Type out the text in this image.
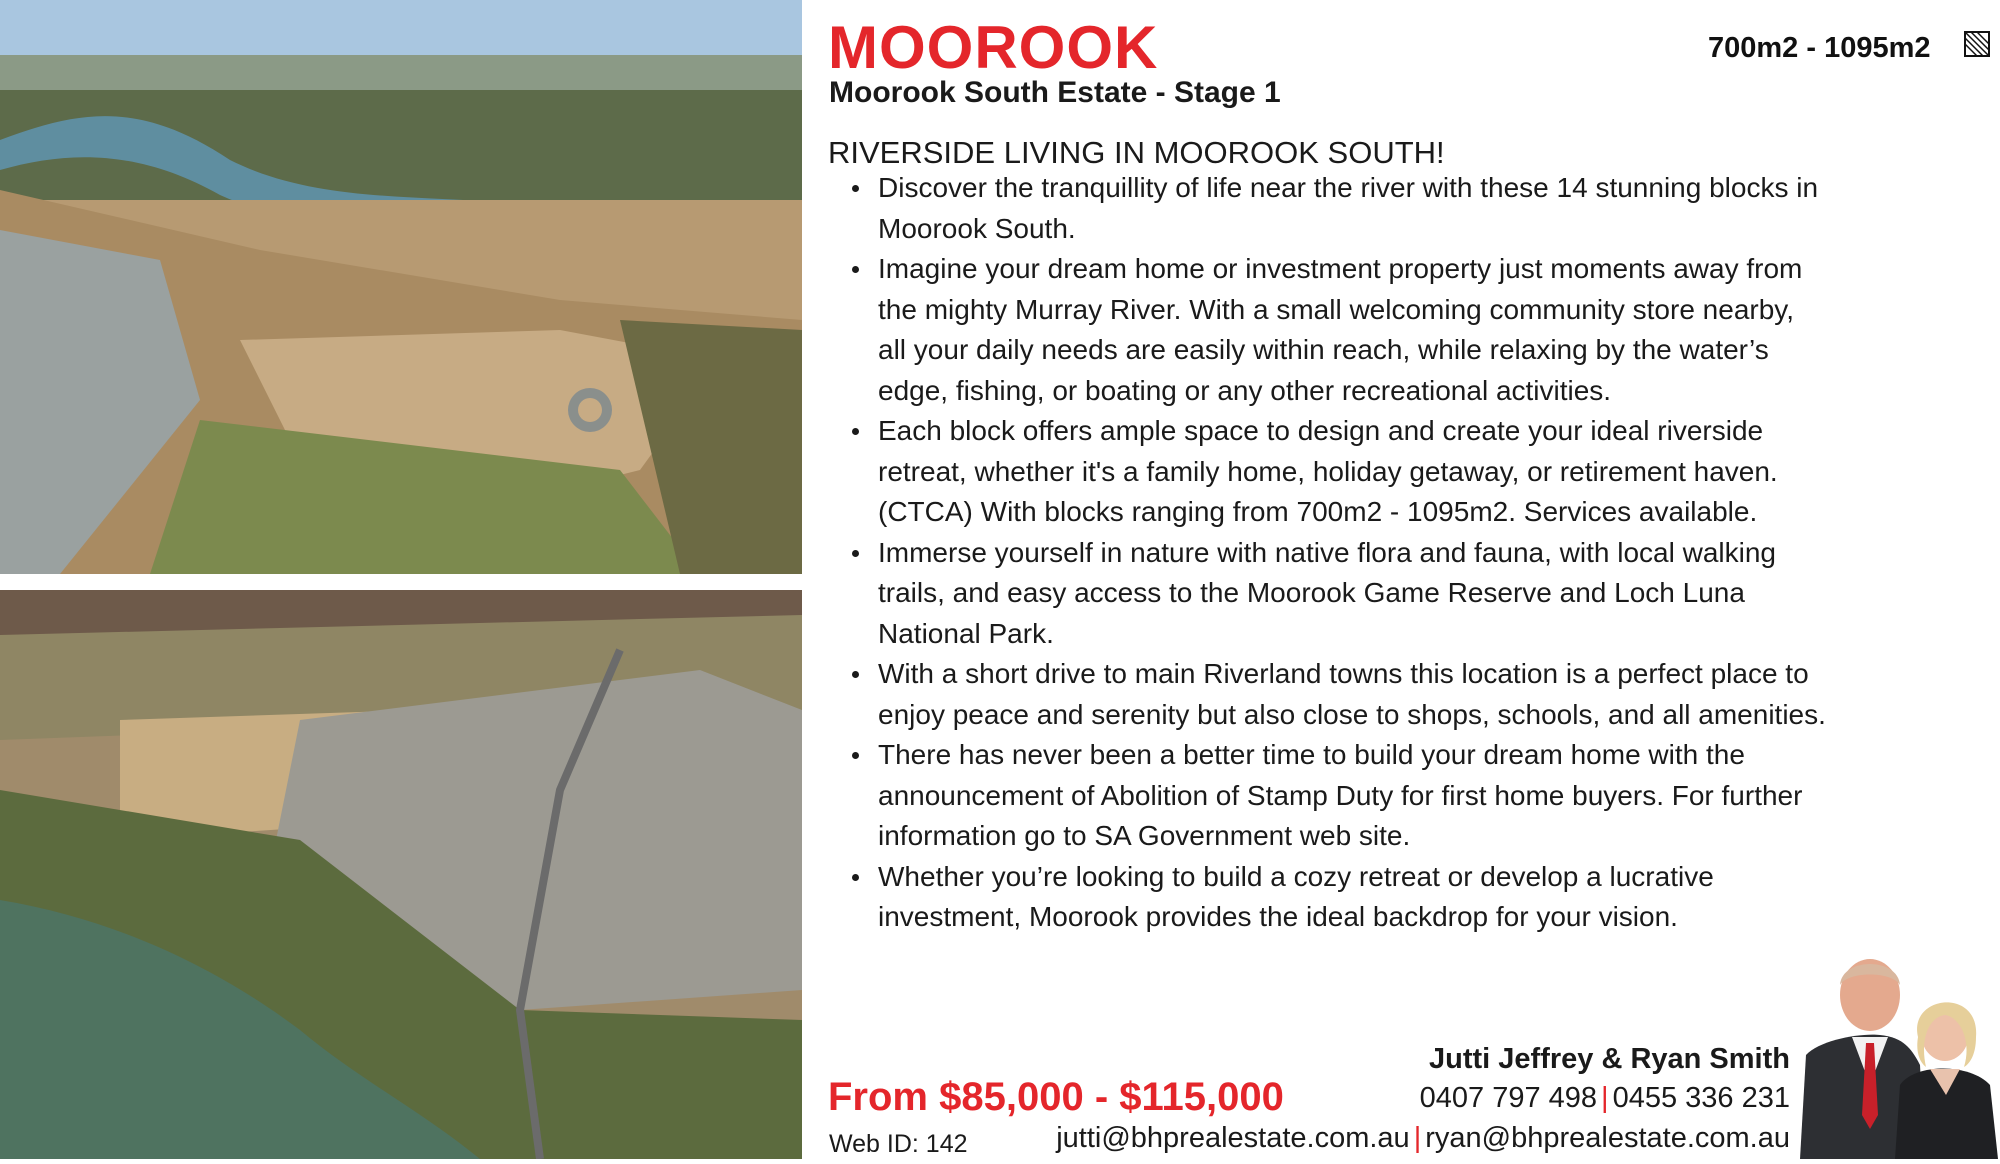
MOOROOK
Moorook South Estate - Stage 1
700m2 - 1095m2
RIVERSIDE LIVING IN MOOROOK SOUTH!
Discover the tranquillity of life near the river with these 14 stunning blocks in Moorook South.
Imagine your dream home or investment property just moments away from the mighty Murray River. With a small welcoming community store nearby, all your daily needs are easily within reach, while relaxing by the water’s edge, fishing, or boating or any other recreational activities.
Each block offers ample space to design and create your ideal riverside retreat, whether it's a family home, holiday getaway, or retirement haven. (CTCA) With blocks ranging from 700m2 - 1095m2. Services available.
Immerse yourself in nature with native flora and fauna, with local walking trails, and easy access to the Moorook Game Reserve and Loch Luna National Park.
With a short drive to main Riverland towns this location is a perfect place to enjoy peace and serenity but also close to shops, schools, and all amenities.
There has never been a better time to build your dream home with the announcement of Abolition of Stamp Duty for first home buyers. For further information go to SA Government web site.
Whether you’re looking to build a cozy retreat or develop a lucrative investment, Moorook provides the ideal backdrop for your vision.
From $85,000 - $115,000
Web ID: 142
Jutti Jeffrey & Ryan Smith
0407 797 498 | 0455 336 231
jutti@bhprealestate.com.au | ryan@bhprealestate.com.au
